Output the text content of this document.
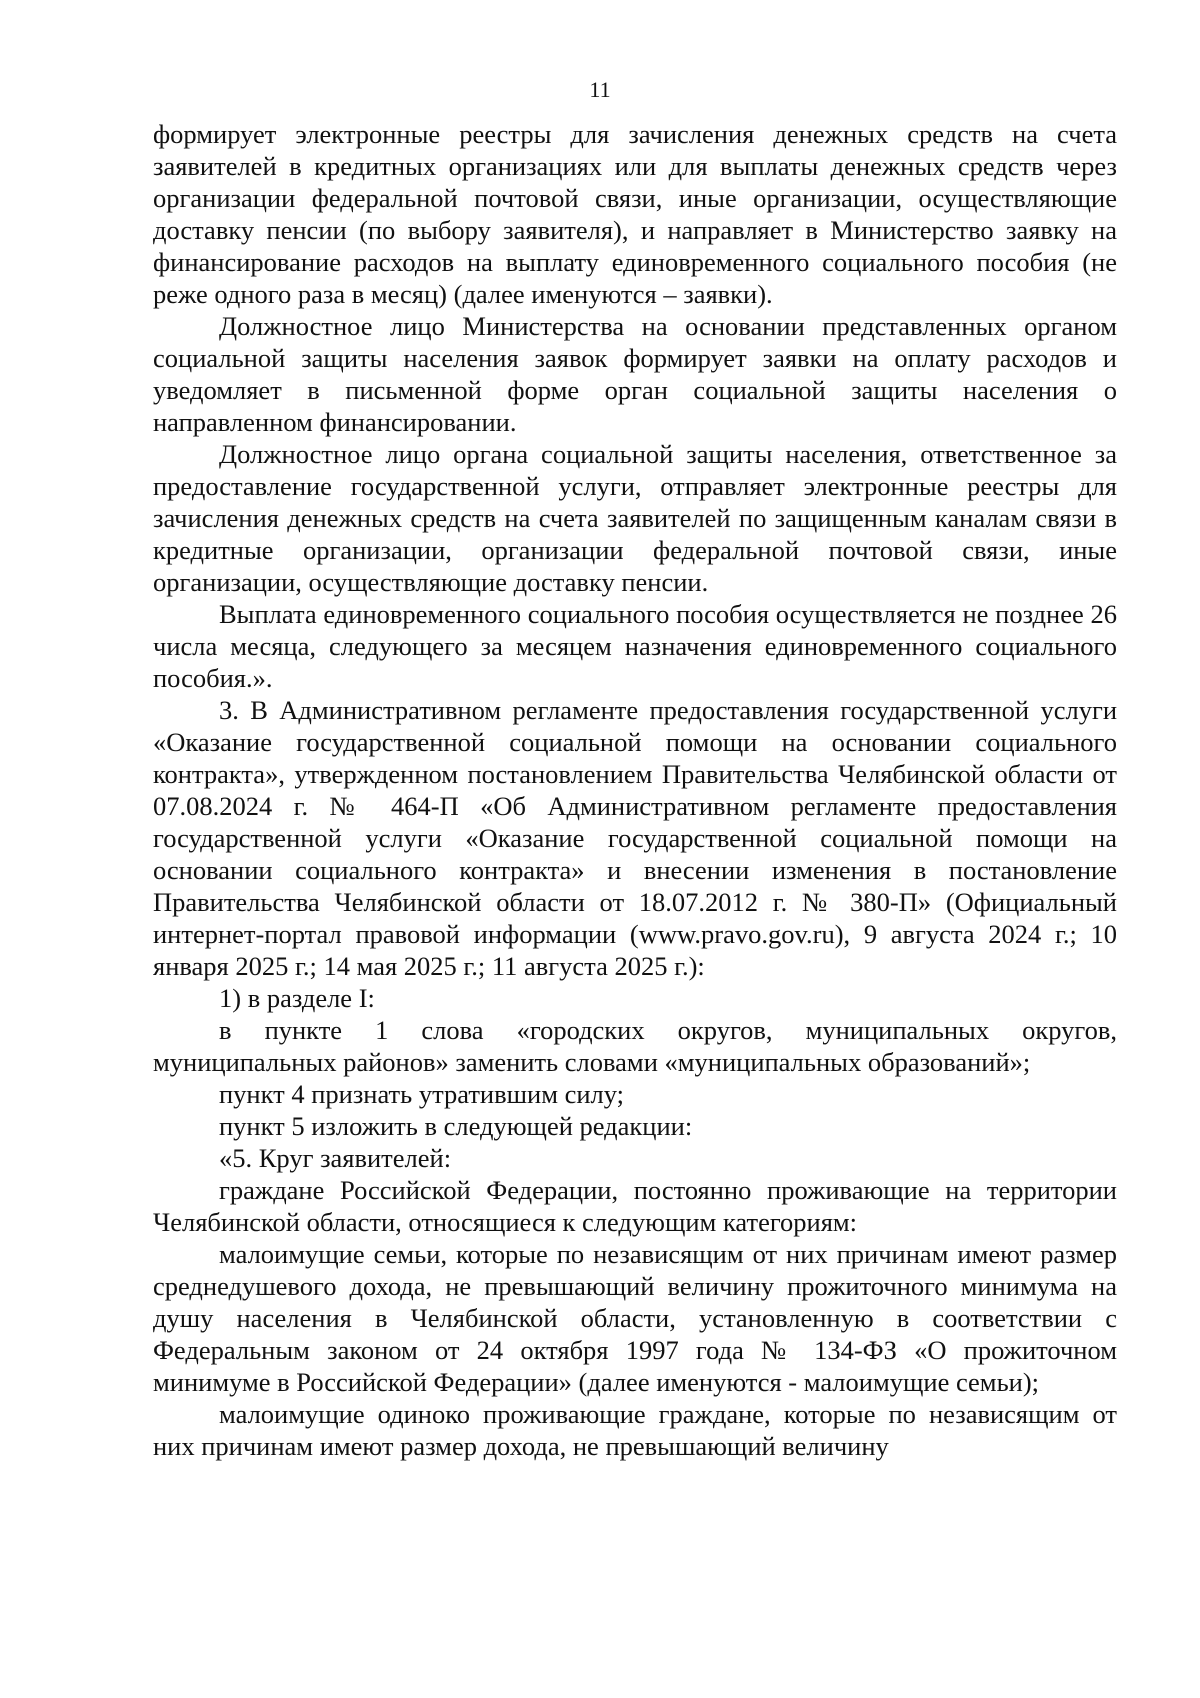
11

формирует электронные реестры для зачисления денежных средств на счета заявителей в кредитных организациях или для выплаты денежных средств через организации федеральной почтовой связи, иные организации, осуществляющие доставку пенсии (по выбору заявителя), и направляет в Министерство заявку на финансирование расходов на выплату единовременного социального пособия (не реже одного раза в месяц) (далее именуются – заявки).

Должностное лицо Министерства на основании представленных органом социальной защиты населения заявок формирует заявки на оплату расходов и уведомляет в письменной форме орган социальной защиты населения о направленном финансировании.

Должностное лицо органа социальной защиты населения, ответственное за предоставление государственной услуги, отправляет электронные реестры для зачисления денежных средств на счета заявителей по защищенным каналам связи в кредитные организации, организации федеральной почтовой связи, иные организации, осуществляющие доставку пенсии.

Выплата единовременного социального пособия осуществляется не позднее 26 числа месяца, следующего за месяцем назначения единовременного социального пособия.».

3. В Административном регламенте предоставления государственной услуги «Оказание государственной социальной помощи на основании социального контракта», утвержденном постановлением Правительства Челябинской области от 07.08.2024 г. № 464-П «Об Административном регламенте предоставления государственной услуги «Оказание государственной социальной помощи на основании социального контракта» и внесении изменения в постановление Правительства Челябинской области от 18.07.2012 г. № 380-П» (Официальный интернет-портал правовой информации (www.pravo.gov.ru), 9 августа 2024 г.; 10 января 2025 г.; 14 мая 2025 г.; 11 августа 2025 г.):

1) в разделе I:

в пункте 1 слова «городских округов, муниципальных округов, муниципальных районов» заменить словами «муниципальных образований»;

пункт 4 признать утратившим силу;

пункт 5 изложить в следующей редакции:

«5. Круг заявителей:

граждане Российской Федерации, постоянно проживающие на территории Челябинской области, относящиеся к следующим категориям:

малоимущие семьи, которые по независящим от них причинам имеют размер среднедушевого дохода, не превышающий величину прожиточного минимума на душу населения в Челябинской области, установленную в соответствии с Федеральным законом от 24 октября 1997 года № 134-ФЗ «О прожиточном минимуме в Российской Федерации» (далее именуются - малоимущие семьи);

малоимущие одиноко проживающие граждане, которые по независящим от них причинам имеют размер дохода, не превышающий величину
